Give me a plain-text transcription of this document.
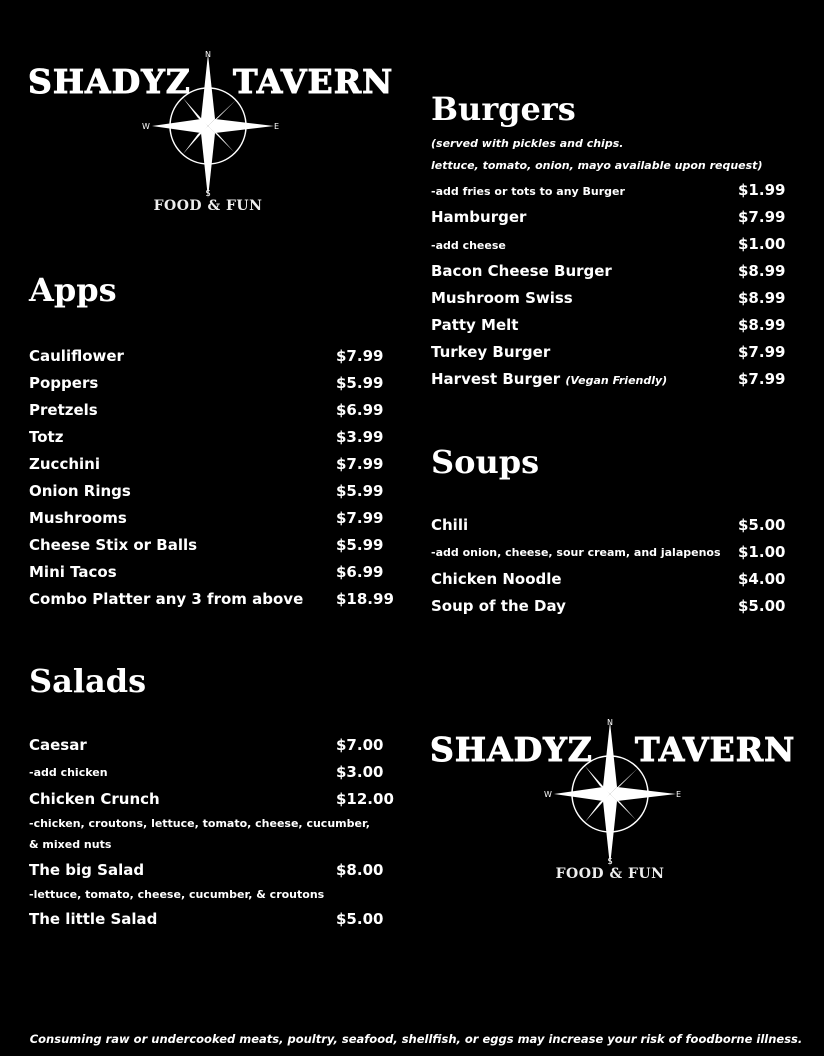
N
S
W	E
SHADYZ TAVERN
FOOD & FUN
N
S
W	E
SHADYZ TAVERN
FOOD & FUN
Apps
Cauliflower	$7.99
Poppers	$5.99
Pretzels	$6.99
Totz	$3.99
Zucchini	$7.99
Onion Rings	$5.99
Mushrooms	$7.99
Cheese Stix or Balls	$5.99
Mini Tacos	$6.99
Combo Platter any 3 from above $18.99
Salads
Caesar	$7.00
-add chicken	$3.00
Chicken Crunch	$12.00
-chicken, croutons, lettuce, tomato, cheese, cucumber,
& mixed nuts
The big Salad	$8.00
-lettuce, tomato, cheese, cucumber, & croutons
The little Salad	$5.00
Burgers
(served with pickles and chips.
lettuce, tomato, onion, mayo available upon request)
-add fries or tots to any Burger	$1.99
Hamburger	$7.99
-add cheese	$1.00
Bacon Cheese Burger	$8.99
Mushroom Swiss	$8.99
Patty Melt	$8.99
Turkey Burger	$7.99
Harvest Burger (Vegan Friendly)	$7.99
Soups
Chili	$5.00
-add onion, cheese, sour cream, and jalapenos $1.00
Chicken Noodle	$4.00
Soup of the Day	$5.00
Consuming raw or undercooked meats, poultry, seafood, shellfish, or eggs may increase your risk of foodborne illness.
